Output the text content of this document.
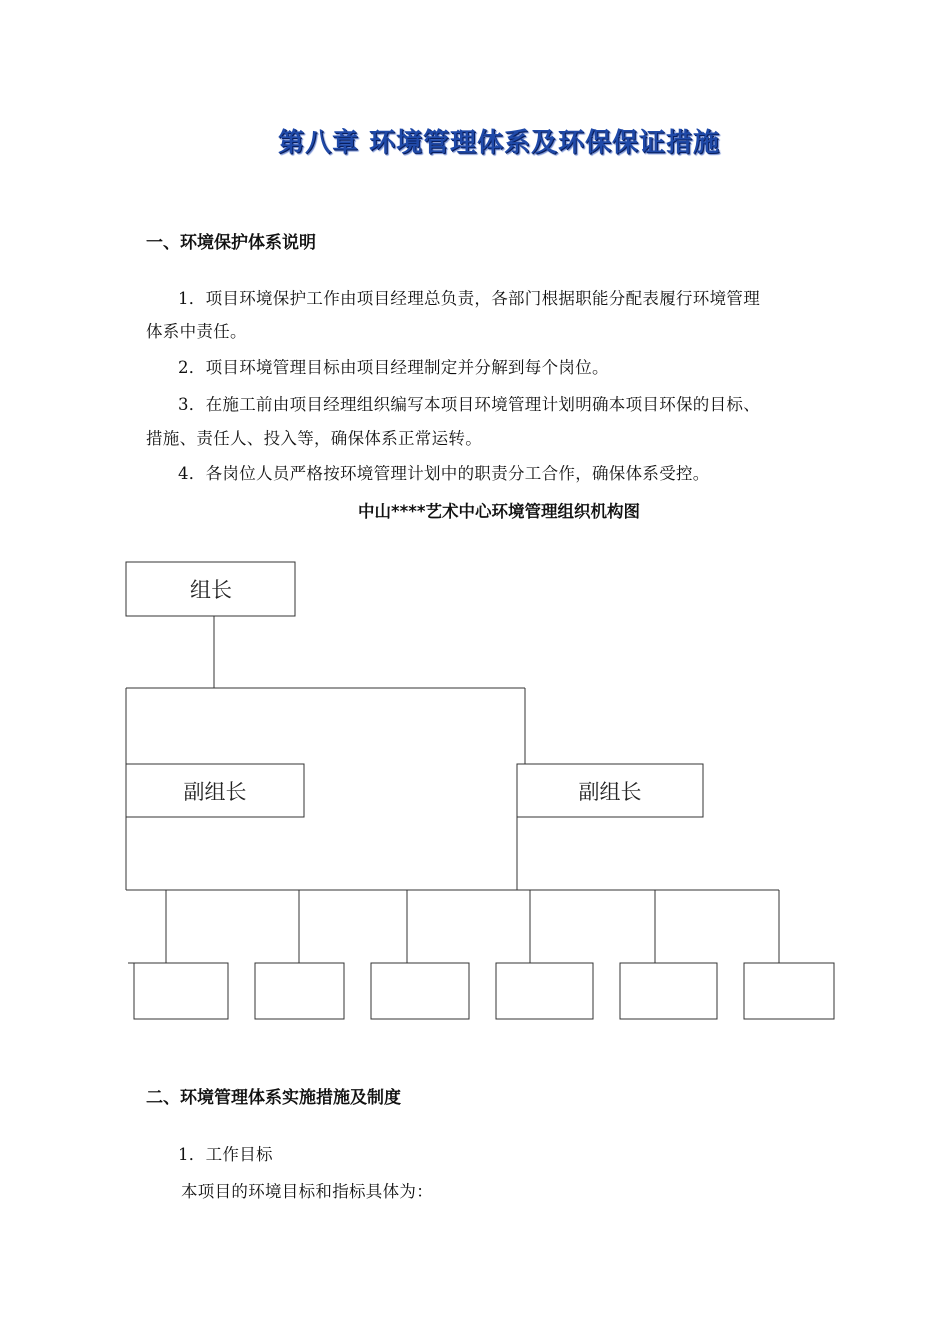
第八章 环境管理体系及环保保证措施
一、环境保护体系说明
1．项目环境保护工作由项目经理总负责，各部门根据职能分配表履行环境管理
体系中责任。
2．项目环境管理目标由项目经理制定并分解到每个岗位。
3．在施工前由项目经理组织编写本项目环境管理计划明确本项目环保的目标、
措施、责任人、投入等，确保体系正常运转。
4．各岗位人员严格按环境管理计划中的职责分工合作，确保体系受控。
中山****艺术中心环境管理组织机构图
组长
副组长	副组长
二、环境管理体系实施措施及制度
1．工作目标
本项目的环境目标和指标具体为：
